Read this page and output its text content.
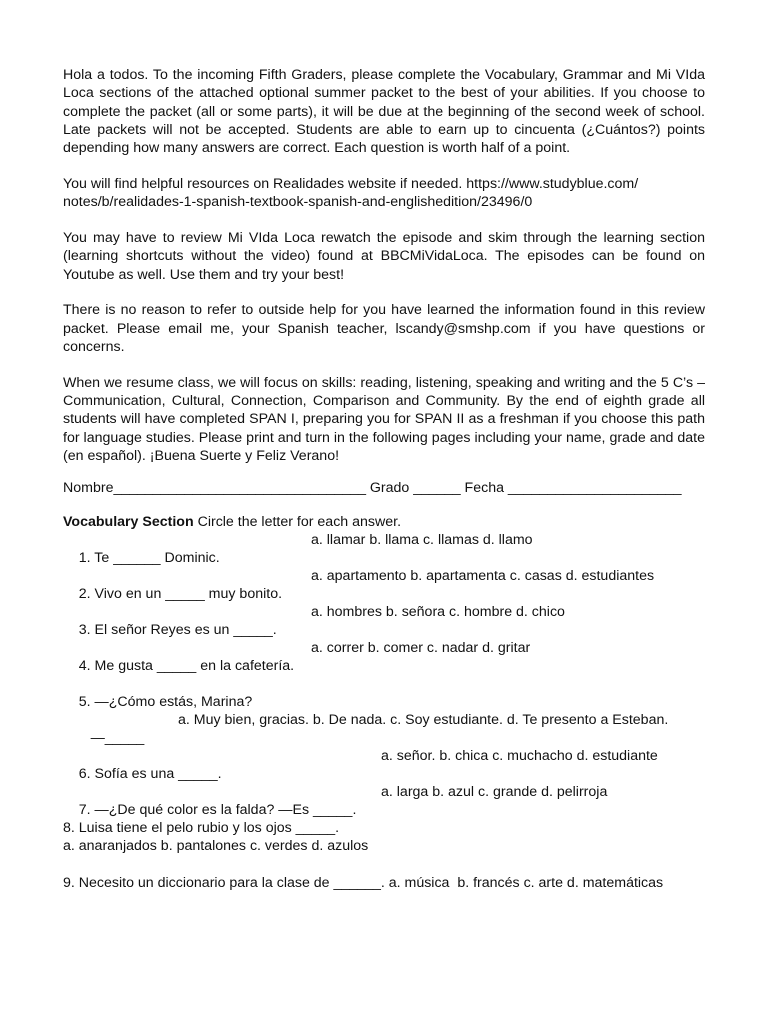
Hola a todos. To the incoming Fifth Graders, please complete the Vocabulary, Grammar and Mi VIda Loca sections of the attached optional summer packet to the best of your abilities. If you choose to complete the packet (all or some parts), it will be due at the beginning of the second week of school. Late packets will not be accepted. Students are able to earn up to cincuenta (¿Cuántos?) points depending how many answers are correct. Each question is worth half of a point.

You will find helpful resources on Realidades website if needed. https://www.studyblue.com/
notes/b/realidades-1-spanish-textbook-spanish-and-englishedition/23496/0

You may have to review Mi VIda Loca rewatch the episode and skim through the learning section (learning shortcuts without the video) found at BBCMiVidaLoca. The episodes can be found on Youtube as well. Use them and try your best!

There is no reason to refer to outside help for you have learned the information found in this review packet. Please email me, your Spanish teacher, lscandy@smshp.com if you have questions or concerns.

When we resume class, we will focus on skills: reading, listening, speaking and writing and the 5 C’s – Communication, Cultural, Connection, Comparison and Community. By the end of eighth grade all students will have completed SPAN I, preparing you for SPAN II as a freshman if you choose this path for language studies. Please print and turn in the following pages including your name, grade and date (en español). ¡Buena Suerte y Feliz Verano!

Nombre________________________________ Grado ______ Fecha ______________________
Vocabulary Section Circle the letter for each answer.

1. Te ______ Dominic.

a. llamar b. llama c. llamas d. llamo

2. Vivo en un _____ muy bonito.

a. apartamento b. apartamenta c. casas d. estudiantes

3. El señor Reyes es un _____.

a. hombres b. señora c. hombre d. chico

4. Me gusta _____ en la cafetería.

a. correr b. comer c. nadar d. gritar

5. —¿Cómo estás, Marina?

—_____

a. Muy bien, gracias. b. De nada. c. Soy estudiante. d. Te presento a Esteban.

6. Sofía es una _____.

a. señor. b. chica c. muchacho d. estudiante

7. —¿De qué color es la falda? —Es _____.

a. larga b. azul c. grande d. pelirroja

8. Luisa tiene el pelo rubio y los ojos _____.
a. anaranjados b. pantalones c. verdes d. azulos
9. Necesito un diccionario para la clase de ______. a. música  b. francés c. arte d. matemáticas
